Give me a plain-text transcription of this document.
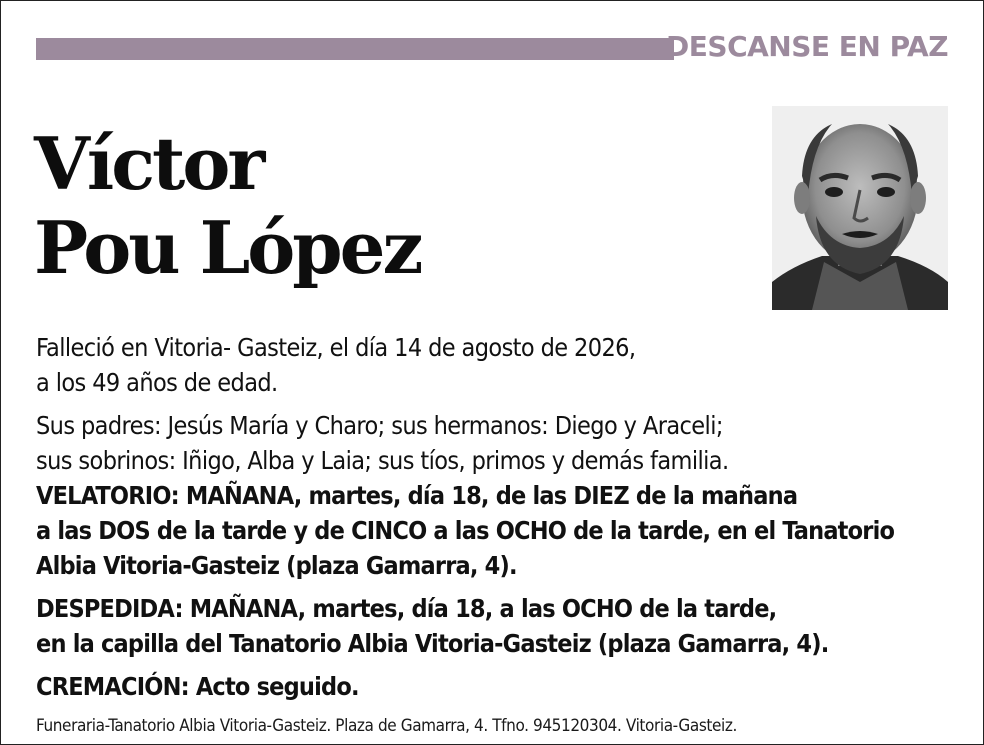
DESCANSE EN PAZ
Víctor
Pou López
Falleció en Vitoria- Gasteiz, el día 14 de agosto de 2026,
a los 49 años de edad.
Sus padres: Jesús María y Charo; sus hermanos: Diego y Araceli;
sus sobrinos: Iñigo, Alba y Laia; sus tíos, primos y demás familia.
VELATORIO: MAÑANA, martes, día 18, de las DIEZ de la mañana
a las DOS de la tarde y de CINCO a las OCHO de la tarde, en el Tanatorio
Albia Vitoria-Gasteiz (plaza Gamarra, 4).
DESPEDIDA: MAÑANA, martes, día 18, a las OCHO de la tarde,
en la capilla del Tanatorio Albia Vitoria-Gasteiz (plaza Gamarra, 4).
CREMACIÓN: Acto seguido.
Funeraria-Tanatorio Albia Vitoria-Gasteiz. Plaza de Gamarra, 4. Tfno. 945120304. Vitoria-Gasteiz.
